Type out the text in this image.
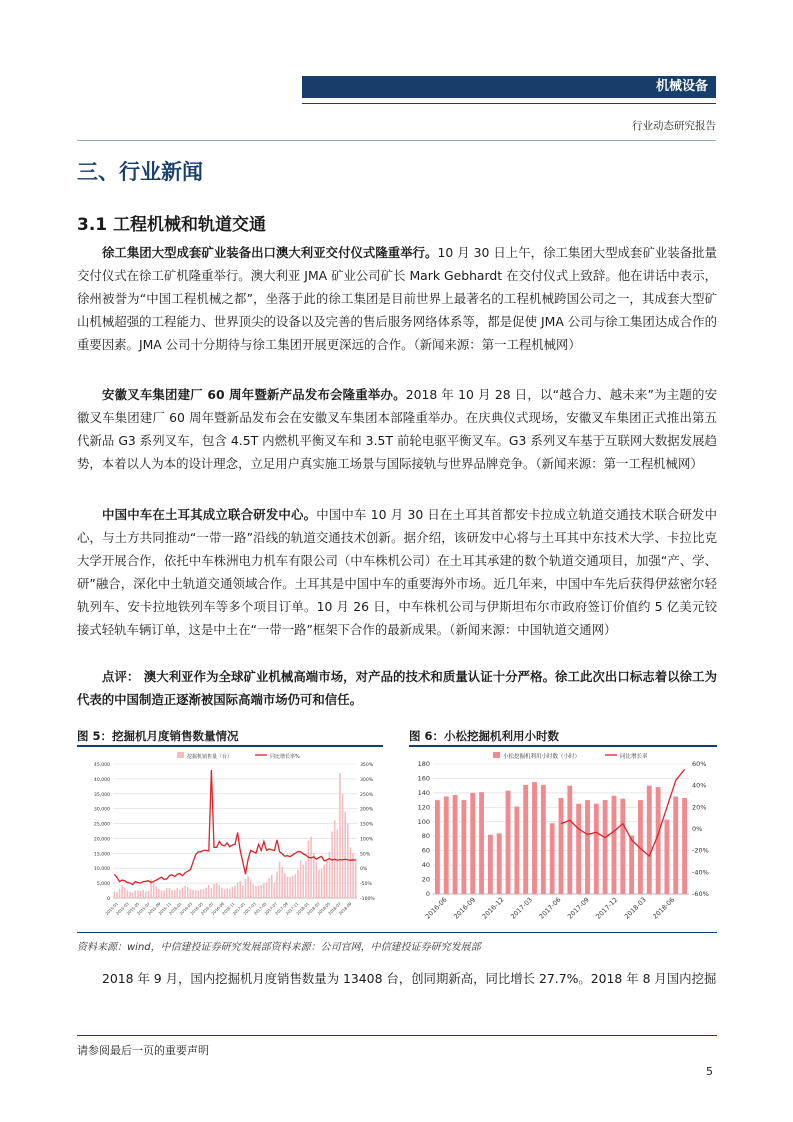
机械设备
行业动态研究报告
三、行业新闻
3.1 工程机械和轨道交通

徐工集团大型成套矿业装备出口澳大利亚交付仪式隆重举行。10 月 30 日上午，徐工集团大型成套矿业装备批量交付仪式在徐工矿机隆重举行。澳大利亚 JMA 矿业公司矿长 Mark Gebhardt 在交付仪式上致辞。他在讲话中表示，徐州被誉为“中国工程机械之都”，坐落于此的徐工集团是目前世界上最著名的工程机械跨国公司之一，其成套大型矿山机械超强的工程能力、世界顶尖的设备以及完善的售后服务网络体系等，都是促使 JMA 公司与徐工集团达成合作的重要因素。JMA 公司十分期待与徐工集团开展更深远的合作。（新闻来源：第一工程机械网）

安徽叉车集团建厂 60 周年暨新产品发布会隆重举办。2018 年 10 月 28 日，以“越合力、越未来”为主题的安徽叉车集团建厂 60 周年暨新品发布会在安徽叉车集团本部隆重举办。在庆典仪式现场，安徽叉车集团正式推出第五代新品 G3 系列叉车，包含 4.5T 内燃机平衡叉车和 3.5T 前轮电驱平衡叉车。G3 系列叉车基于互联网大数据发展趋势，本着以人为本的设计理念，立足用户真实施工场景与国际接轨与世界品牌竞争。（新闻来源：第一工程机械网）

中国中车在土耳其成立联合研发中心。中国中车 10 月 30 日在土耳其首都安卡拉成立轨道交通技术联合研发中心，与土方共同推动“一带一路”沿线的轨道交通技术创新。据介绍，该研发中心将与土耳其中东技术大学、卡拉比克大学开展合作，依托中车株洲电力机车有限公司（中车株机公司）在土耳其承建的数个轨道交通项目，加强“产、学、研”融合，深化中土轨道交通领域合作。土耳其是中国中车的重要海外市场。近几年来，中国中车先后获得伊兹密尔轻轨列车、安卡拉地铁列车等多个项目订单。10 月 26 日，中车株机公司与伊斯坦布尔市政府签订价值约 5 亿美元铰接式轻轨车辆订单，这是中土在“一带一路”框架下合作的最新成果。（新闻来源：中国轨道交通网）

点评： 澳大利亚作为全球矿业机械高端市场，对产品的技术和质量认证十分严格。徐工此次出口标志着以徐工为代表的中国制造正逐渐被国际高端市场仍可和信任。

图 5：挖掘机月度销售数量情况
0
5,000
10,000
15,000
20,000
25,000
30,000
35,000
40,000
45,000
-100%
-50%
0%
50%
100%
150%
200%
250%
300%
350%
2015-01
2015-03
2015-05
2015-07
2015-09
2015-11
2016-01
2016-03
2016-05
2016-07
2016-09
2016-11
2017-01
2017-03
2017-05
2017-07
2017-09
2017-11
2018-01
2018-03
2018-05
2018-07
2018-09
挖掘机销售量（台）	同比增长率%
图 6：小松挖掘机利用小时数
0
20
40
60
80
100
120
140
160
180
-60%
-40%
-20%
0%
20%
40%
60%
2016-06 2016-09 2016-12 2017-03 2017-06 2017-09 2017-12 2018-03 2018-06
小松挖掘机利用小时数（小时）	同比增长率
资料来源：wind，中信建投证券研究发展部资料来源：公司官网，中信建投证券研究发展部
2018 年 9 月，国内挖掘机月度销售数量为 13408 台，创同期新高，同比增长 27.7%。2018 年 8 月国内挖掘
请参阅最后一页的重要声明
5
